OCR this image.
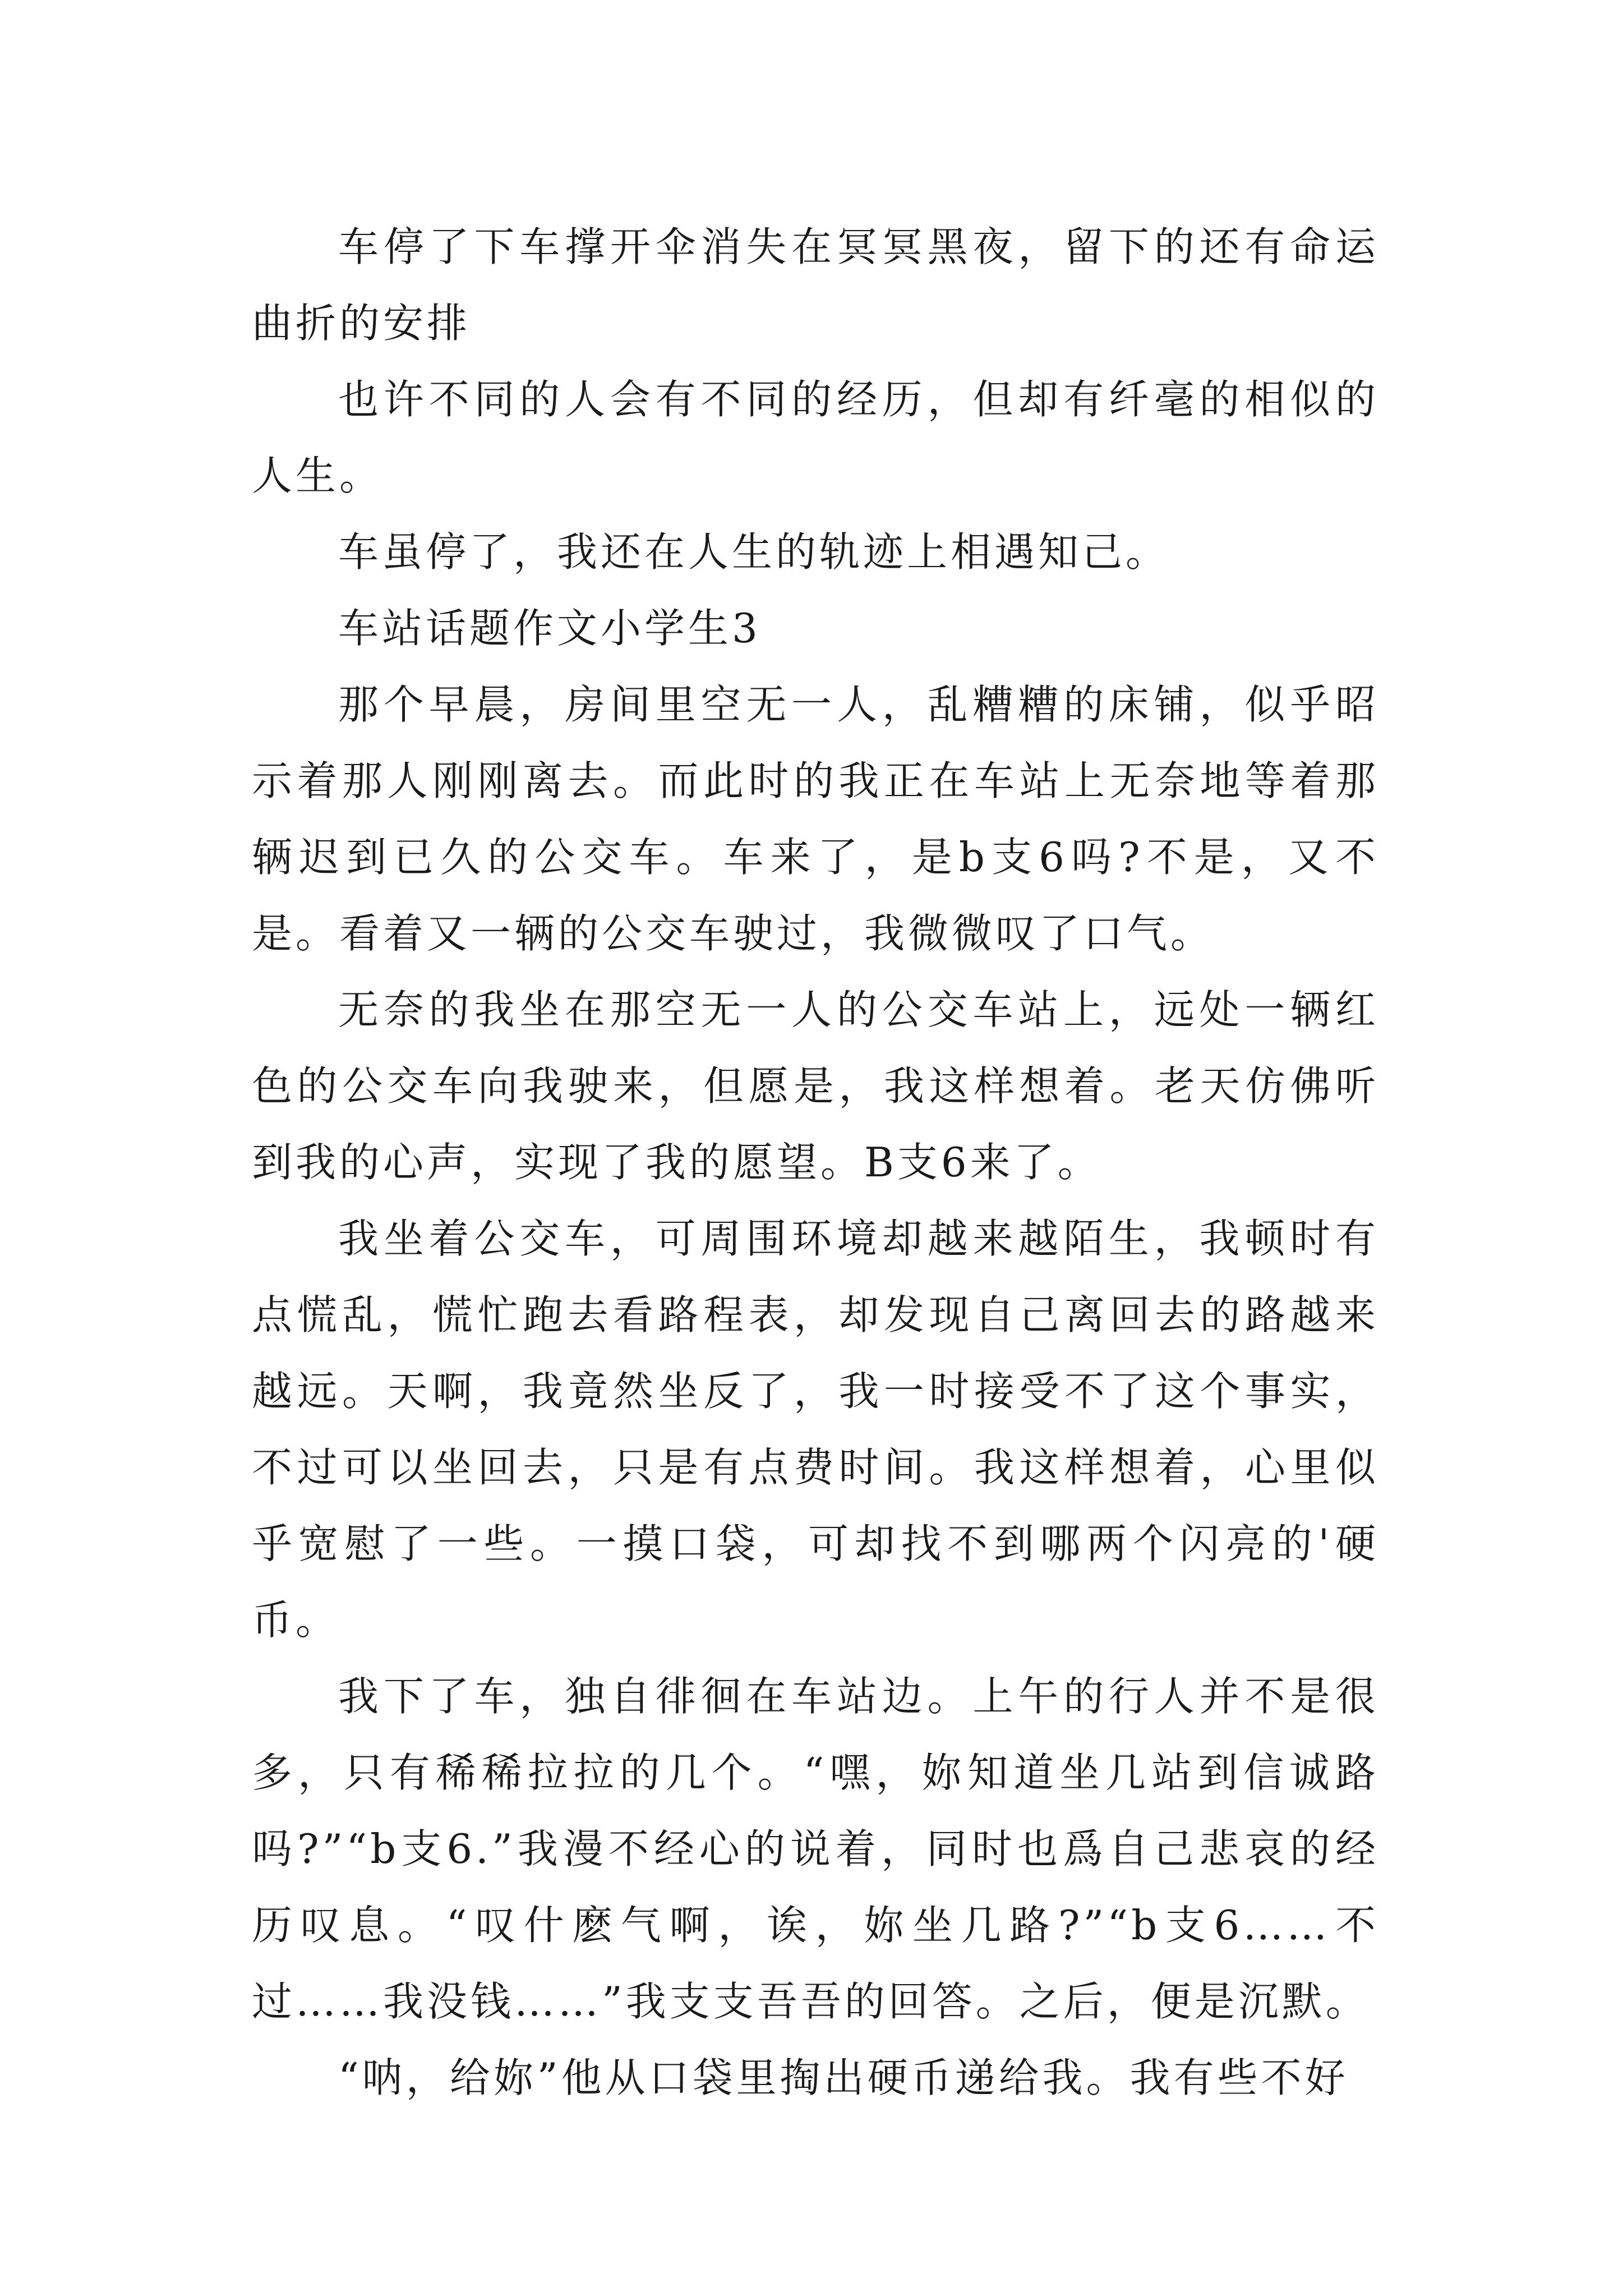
车停了下车撑开伞消失在冥冥黑夜，留下的还有命运曲折的安排

也许不同的人会有不同的经历，但却有纤毫的相似的人生。

车虽停了，我还在人生的轨迹上相遇知己。

车站话题作文小学生3

那个早晨，房间里空无一人，乱糟糟的床铺，似乎昭示着那人刚刚离去。而此时的我正在车站上无奈地等着那辆迟到已久的公交车。车来了，是b支6吗?不是，又不是。看着又一辆的公交车驶过，我微微叹了口气。

无奈的我坐在那空无一人的公交车站上，远处一辆红色的公交车向我驶来，但愿是，我这样想着。老天仿佛听到我的心声，实现了我的愿望。B支6来了。

我坐着公交车，可周围环境却越来越陌生，我顿时有点慌乱，慌忙跑去看路程表，却发现自己离回去的路越来越远。天啊，我竟然坐反了，我一时接受不了这个事实，不过可以坐回去，只是有点费时间。我这样想着，心里似乎宽慰了一些。一摸口袋，可却找不到哪两个闪亮的'硬币。

我下了车，独自徘徊在车站边。上午的行人并不是很多，只有稀稀拉拉的几个。“嘿，妳知道坐几站到信诚路吗?”“b支6.”我漫不经心的说着，同时也爲自己悲哀的经历叹息。“叹什麽气啊，诶，妳坐几路?”“b支6……不过……我没钱……”我支支吾吾的回答。之后，便是沉默。

“呐，给妳”他从口袋里掏出硬币递给我。我有些不好
